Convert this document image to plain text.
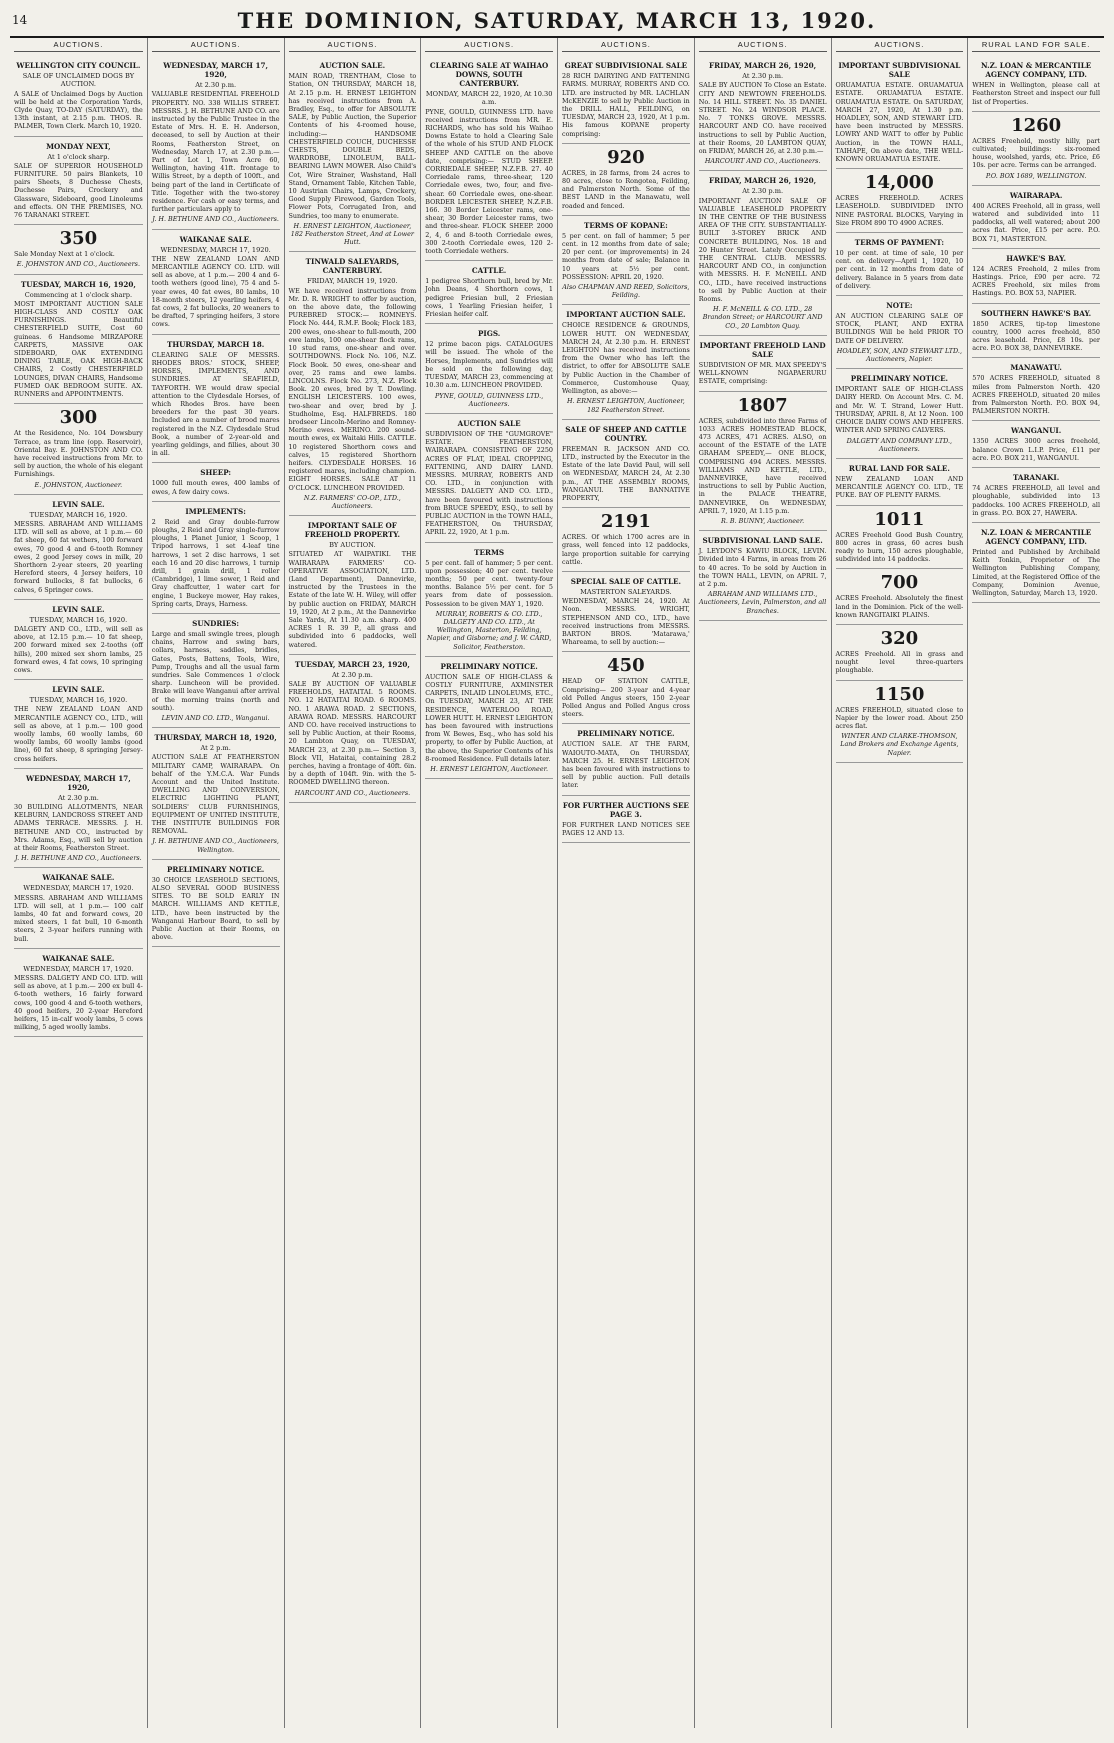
14	THE DOMINION, SATURDAY, MARCH 13, 1920.
AUCTIONS.
WELLINGTON CITY COUNCIL.
SALE OF UNCLAIMED DOGS BY AUCTION.
A SALE of Unclaimed Dogs by Auction will be held at the Corporation Yards, Clyde Quay, TO-DAY (SATURDAY), the 13th instant, at 2.15 p.m. THOS. R. PALMER, Town Clerk. March 10, 1920.
MONDAY NEXT,
At 1 o'clock sharp.
SALE OF SUPERIOR HOUSEHOLD FURNITURE. 50 pairs Blankets, 10 pairs Sheets, 8 Duchesse Chests, Duchesse Pairs, Crockery and Glassware, Sideboard, good Linoleums and effects. ON THE PREMISES, NO. 76 TARANAKI STREET.
350
Sale Monday Next at 1 o'clock.
E. JOHNSTON AND CO., Auctioneers.
TUESDAY, MARCH 16, 1920,
Commencing at 1 o'clock sharp.
MOST IMPORTANT AUCTION SALE HIGH-CLASS AND COSTLY OAK FURNISHINGS. Beautiful CHESTERFIELD SUITE, Cost 60 guineas. 6 Handsome MIRZAPORE CARPETS, MASSIVE OAK SIDEBOARD, OAK EXTENDING DINING TABLE, OAK HIGH-BACK CHAIRS, 2 Costly CHESTERFIELD LOUNGES, DIVAN CHAIRS, Handsome FUMED OAK BEDROOM SUITE. AX. RUNNERS and APPOINTMENTS.
300
At the Residence, No. 104 Dowsbury Terrace, as tram line (opp. Reservoir), Oriental Bay. E. JOHNSTON AND CO. have received instructions from Mr. to sell by auction, the whole of his elegant Furnishings.
E. JOHNSTON, Auctioneer.
LEVIN SALE.
TUESDAY, MARCH 16, 1920.
MESSRS. ABRAHAM AND WILLIAMS LTD. will sell as above, at 1 p.m.— 60 fat sheep, 60 fat wethers, 100 forward ewes, 70 good 4 and 6-tooth Romney ewes, 2 good Jersey cows in milk, 20 Shorthorn 2-year steers, 20 yearling Hereford steers, 4 Jersey heifers, 10 forward bullocks, 8 fat bullocks, 6 calves, 6 Springer cows.
LEVIN SALE.
TUESDAY, MARCH 16, 1920.
DALGETY AND CO., LTD., will sell as above, at 12.15 p.m.— 10 fat sheep, 200 forward mixed sex 2-tooths (off hills), 200 mixed sex shorn lambs, 25 forward ewes, 4 fat cows, 10 springing cows.
LEVIN SALE.
TUESDAY, MARCH 16, 1920.
THE NEW ZEALAND LOAN AND MERCANTILE AGENCY CO., LTD., will sell as above, at 1 p.m.— 100 good woolly lambs, 60 woolly lambs, 60 woolly lambs, 60 woolly lambs (good line), 60 fat sheep, 8 springing Jersey-cross heifers.
WEDNESDAY, MARCH 17, 1920,
At 2.30 p.m.
30 BUILDING ALLOTMENTS, NEAR KELBURN, LANDCROSS STREET AND ADAMS TERRACE. MESSRS. J. H. BETHUNE AND CO., instructed by Mrs. Adams, Esq., will sell by auction at their Rooms, Featherston Street.
J. H. BETHUNE AND CO., Auctioneers.
WAIKANAE SALE.
WEDNESDAY, MARCH 17, 1920.
MESSRS. ABRAHAM AND WILLIAMS LTD. will sell, at 1 p.m.— 100 calf lambs, 40 fat and forward cows, 20 mixed steers, 1 fat bull, 10 6-month steers, 2 3-year heifers running with bull.
WAIKANAE SALE.
WEDNESDAY, MARCH 17, 1920.
MESSRS. DALGETY AND CO. LTD. will sell as above, at 1 p.m.— 200 ex bull 4-6-tooth wethers, 16 fairly forward cows, 100 good 4 and 6-tooth wethers, 40 good heifers, 20 2-year Hereford heifers, 15 in-calf wooly lambs, 5 cows milking, 5 aged woolly lambs.
AUCTIONS.
WEDNESDAY, MARCH 17, 1920,
At 2.30 p.m.
VALUABLE RESIDENTIAL FREEHOLD PROPERTY. NO. 338 WILLIS STREET. MESSRS. J. H. BETHUNE AND CO. are instructed by the Public Trustee in the Estate of Mrs. H. E. H. Anderson, deceased, to sell by Auction at their Rooms, Featherston Street, on Wednesday, March 17, at 2.30 p.m.— Part of Lot 1, Town Acre 60, Wellington, having 41ft. frontage to Willis Street, by a depth of 100ft., and being part of the land in Certificate of Title. Together with the two-storey residence. For cash or easy terms, and further particulars apply to
J. H. BETHUNE AND CO., Auctioneers.
WAIKANAE SALE.
WEDNESDAY, MARCH 17, 1920.
THE NEW ZEALAND LOAN AND MERCANTILE AGENCY CO. LTD. will sell as above, at 1 p.m.— 200 4 and 6-tooth wethers (good line), 75 4 and 5-year ewes, 40 fat ewes, 80 lambs, 10 18-month steers, 12 yearling heifers, 4 fat cows, 2 fat bullocks, 20 weaners to be drafted, 7 springing heifers, 3 store cows.
THURSDAY, MARCH 18.
CLEARING SALE OF MESSRS. RHODES BROS.' STOCK, SHEEP, HORSES, IMPLEMENTS, AND SUNDRIES. AT SEAFIELD, TAYFORTH. WE would draw special attention to the Clydesdale Horses, of which Rhodes Bros. have been breeders for the past 30 years. Included are a number of brood mares registered in the N.Z. Clydesdale Stud Book, a number of 2-year-old and yearling geldings, and fillies, about 30 in all.
SHEEP:
1000 full mouth ewes, 400 lambs of ewes, A few dairy cows.
IMPLEMENTS:
2 Reid and Gray double-furrow ploughs, 2 Reid and Gray single-furrow ploughs, 1 Planet Junior, 1 Scoop, 1 Tripod harrows, 1 set 4-leaf tine harrows, 1 set 2 disc harrows, 1 set each 16 and 20 disc harrows, 1 turnip drill, 1 grain drill, 1 roller (Cambridge), 1 lime sower, 1 Reid and Gray chaffcutter, 1 water cart for engine, 1 Buckeye mower, Hay rakes, Spring carts, Drays, Harness.
SUNDRIES:
Large and small swingle trees, plough chains, Harrow and swing bars, collars, harness, saddles, bridles, Gates, Posts, Battens, Tools, Wire, Pump, Troughs and all the usual farm sundries. Sale Commences 1 o'clock sharp. Luncheon will be provided. Brake will leave Wanganui after arrival of the morning trains (north and south).
LEVIN AND CO. LTD., Wanganui.
THURSDAY, MARCH 18, 1920,
At 2 p.m.
AUCTION SALE AT FEATHERSTON MILITARY CAMP, WAIRARAPA. On behalf of the Y.M.C.A. War Funds Account and the United Institute. DWELLING AND CONVERSION, ELECTRIC LIGHTING PLANT, SOLDIERS' CLUB FURNISHINGS, EQUIPMENT OF UNITED INSTITUTE, THE INSTITUTE BUILDINGS FOR REMOVAL.
J. H. BETHUNE AND CO., Auctioneers, Wellington.
PRELIMINARY NOTICE.
30 CHOICE LEASEHOLD SECTIONS, ALSO SEVERAL GOOD BUSINESS SITES. TO BE SOLD EARLY IN MARCH. WILLIAMS AND KETTLE, LTD., have been instructed by the Wanganui Harbour Board, to sell by Public Auction at their Rooms, on above.
AUCTIONS.
AUCTION SALE.
MAIN ROAD, TRENTHAM, Close to Station, ON THURSDAY, MARCH 18, At 2.15 p.m. H. ERNEST LEIGHTON has received instructions from A. Bradley, Esq., to offer for ABSOLUTE SALE, by Public Auction, the Superior Contents of his 4-roomed house, including:— HANDSOME CHESTERFIELD COUCH, DUCHESSE CHESTS, DOUBLE BEDS, WARDROBE, LINOLEUM, BALL-BEARING LAWN MOWER. Also Child's Cot, Wire Strainer, Washstand, Hall Stand, Ornament Table, Kitchen Table, 10 Austrian Chairs, Lamps, Crockery, Good Supply Firewood, Garden Tools, Flower Pots, Corrugated Iron, and Sundries, too many to enumerate.
H. ERNEST LEIGHTON, Auctioneer, 182 Featherston Street, And at Lower Hutt.
TINWALD SALEYARDS, CANTERBURY.
FRIDAY, MARCH 19, 1920.
WE have received instructions from Mr. D. R. WRIGHT to offer by auction, on the above date, the following PUREBRED STOCK:— ROMNEYS. Flock No. 444, R.M.F. Book; Flock 183, 200 ewes, one-shear to full-mouth, 200 ewe lambs, 100 one-shear flock rams, 10 stud rams, one-shear and over. SOUTHDOWNS. Flock No. 106, N.Z. Flock Book. 50 ewes, one-shear and over, 25 rams and ewe lambs. LINCOLNS. Flock No. 273, N.Z. Flock Book. 20 ewes, bred by T. Dowling. ENGLISH LEICESTERS. 100 ewes, two-shear and over, bred by J. Studholme, Esq. HALFBREDS. 180 brodseer Lincoln-Merino and Romney-Merino ewes. MERINO. 200 sound-mouth ewes, ex Waitaki Hills. CATTLE. 10 registered Shorthorn cows and calves, 15 registered Shorthorn heifers. CLYDESDALE HORSES. 16 registered mares, including champion. EIGHT HORSES. SALE AT 11 O'CLOCK. LUNCHEON PROVIDED.
N.Z. FARMERS' CO-OP., LTD., Auctioneers.
IMPORTANT SALE OF FREEHOLD PROPERTY.
BY AUCTION.
SITUATED AT WAIPATIKI. THE WAIRARAPA FARMERS' CO-OPERATIVE ASSOCIATION, LTD. (Land Department), Dannevirke, instructed by the Trustees in the Estate of the late W. H. Wiley, will offer by public auction on FRIDAY, MARCH 19, 1920, At 2 p.m., At the Dannevirke Sale Yards, At 11.30 a.m. sharp. 400 ACRES 1 R. 39 P., all grass and subdivided into 6 paddocks, well watered.
TUESDAY, MARCH 23, 1920,
At 2.30 p.m.
SALE BY AUCTION OF VALUABLE FREEHOLDS, HATAITAI. 5 ROOMS. NO. 12 HATAITAI ROAD. 6 ROOMS. NO. 1 ARAWA ROAD. 2 SECTIONS, ARAWA ROAD. MESSRS. HARCOURT AND CO. have received instructions to sell by Public Auction, at their Rooms, 20 Lambton Quay, on TUESDAY, MARCH 23, at 2.30 p.m.— Section 3, Block VII, Hataitai, containing 28.2 perches, having a frontage of 40ft. 6in. by a depth of 104ft. 9in. with the 5-ROOMED DWELLING thereon.
HARCOURT AND CO., Auctioneers.
AUCTIONS.
CLEARING SALE AT WAIHAO DOWNS, SOUTH CANTERBURY.
MONDAY, MARCH 22, 1920, At 10.30 a.m.
PYNE, GOULD, GUINNESS LTD. have received instructions from MR. E. RICHARDS, who has sold his Waihao Downs Estate to hold a Clearing Sale of the whole of his STUD AND FLOCK SHEEP AND CATTLE on the above date, comprising:— STUD SHEEP. CORRIEDALE SHEEP, N.Z.F.B. 27. 40 Corriedale rams, three-shear, 120 Corriedale ewes, two, four, and five-shear. 60 Corriedale ewes, one-shear. BORDER LEICESTER SHEEP, N.Z.F.B. 166. 30 Border Leicester rams, one-shear, 30 Border Leicester rams, two and three-shear. FLOCK SHEEP. 2000 2, 4, 6 and 8-tooth Corriedale ewes, 300 2-tooth Corriedale ewes, 120 2-tooth Corriedale wethers.
CATTLE.
1 pedigree Shorthorn bull, bred by Mr. John Deans, 4 Shorthorn cows, 1 pedigree Friesian bull, 2 Friesian cows, 1 Yearling Friesian heifer, 1 Friesian heifer calf.
PIGS.
12 prime bacon pigs. CATALOGUES will be issued. The whole of the Horses, Implements, and Sundries will be sold on the following day, TUESDAY, MARCH 23, commencing at 10.30 a.m. LUNCHEON PROVIDED.
PYNE, GOULD, GUINNESS LTD., Auctioneers.
AUCTION SALE
SUBDIVISION OF THE "GUMGROVE" ESTATE. FEATHERSTON, WAIRARAPA. CONSISTING OF 2250 ACRES OF FLAT, IDEAL CROPPING, FATTENING, AND DAIRY LAND. MESSRS. MURRAY, ROBERTS AND CO. LTD., in conjunction with MESSRS. DALGETY AND CO. LTD., have been favoured with instructions from BRUCE SPEEDY, ESQ., to sell by PUBLIC AUCTION in the TOWN HALL, FEATHERSTON, On THURSDAY, APRIL 22, 1920, At 1 p.m.
TERMS
5 per cent. fall of hammer; 5 per cent. upon possession; 40 per cent. twelve months; 50 per cent. twenty-four months. Balance 5½ per cent. for 5 years from date of possession. Possession to be given MAY 1, 1920.
MURRAY, ROBERTS & CO. LTD., DALGETY AND CO. LTD., At Wellington, Masterton, Feilding, Napier, and Gisborne; and J. W. CARD, Solicitor, Featherston.
PRELIMINARY NOTICE.
AUCTION SALE OF HIGH-CLASS & COSTLY FURNITURE, AXMINSTER CARPETS, INLAID LINOLEUMS, ETC., On TUESDAY, MARCH 23, AT THE RESIDENCE, WATERLOO ROAD, LOWER HUTT. H. ERNEST LEIGHTON has been favoured with instructions from W. Bewes, Esq., who has sold his property, to offer by Public Auction, at the above, the Superior Contents of his 8-roomed Residence. Full details later.
H. ERNEST LEIGHTON, Auctioneer.
AUCTIONS.
GREAT SUBDIVISIONAL SALE
28 RICH DAIRYING AND FATTENING FARMS. MURRAY, ROBERTS AND CO. LTD. are instructed by MR. LACHLAN McKENZIE to sell by Public Auction in the DRILL HALL, FEILDING, on TUESDAY, MARCH 23, 1920, At 1 p.m. His famous KOPANE property comprising:
920
ACRES, in 28 farms, from 24 acres to 80 acres, close to Rongotea, Feilding, and Palmerston North. Some of the BEST LAND in the Manawatu, well roaded and fenced.
TERMS OF KOPANE:
5 per cent. on fall of hammer; 5 per cent. in 12 months from date of sale; 20 per cent. (or improvements) in 24 months from date of sale; Balance in 10 years at 5½ per cent. POSSESSION: APRIL 20, 1920.
Also CHAPMAN AND REED, Solicitors, Feilding.
IMPORTANT AUCTION SALE.
CHOICE RESIDENCE & GROUNDS, LOWER HUTT. ON WEDNESDAY, MARCH 24, At 2.30 p.m. H. ERNEST LEIGHTON has received instructions from the Owner who has left the district, to offer for ABSOLUTE SALE by Public Auction in the Chamber of Commerce, Customhouse Quay, Wellington, as above:—
H. ERNEST LEIGHTON, Auctioneer, 182 Featherston Street.
SALE OF SHEEP AND CATTLE COUNTRY.
FREEMAN R. JACKSON AND CO. LTD., instructed by the Executor in the Estate of the late David Paul, will sell on WEDNESDAY, MARCH 24, At 2.30 p.m., AT THE ASSEMBLY ROOMS, WANGANUI. THE BANNATIVE PROPERTY,
2191
ACRES. Of which 1700 acres are in grass, well fenced into 12 paddocks, large proportion suitable for carrying cattle.
SPECIAL SALE OF CATTLE.
MASTERTON SALEYARDS.
WEDNESDAY, MARCH 24, 1920. At Noon. MESSRS. WRIGHT, STEPHENSON AND CO., LTD., have received instructions from MESSRS. BARTON BROS. 'Matarawa,' Whareama, to sell by auction:—
450
HEAD OF STATION CATTLE, Comprising— 200 3-year and 4-year old Polled Angus steers, 150 2-year Polled Angus and Polled Angus cross steers.
PRELIMINARY NOTICE.
AUCTION SALE. AT THE FARM, WAIOUTO-MATA, On THURSDAY, MARCH 25. H. ERNEST LEIGHTON has been favoured with instructions to sell by public auction. Full details later.
FOR FURTHER AUCTIONS SEE PAGE 3.
FOR FURTHER LAND NOTICES SEE PAGES 12 AND 13.
AUCTIONS.
FRIDAY, MARCH 26, 1920,
At 2.30 p.m.
SALE BY AUCTION To Close an Estate. CITY AND NEWTOWN FREEHOLDS. No. 14 HILL STREET. No. 35 DANIEL STREET. No. 24 WINDSOR PLACE. No. 7 TONKS GROVE. MESSRS. HARCOURT AND CO. have received instructions to sell by Public Auction, at their Rooms, 20 LAMBTON QUAY, on FRIDAY, MARCH 26, at 2.30 p.m.—
HARCOURT AND CO., Auctioneers.
FRIDAY, MARCH 26, 1920,
At 2.30 p.m.
IMPORTANT AUCTION SALE OF VALUABLE LEASEHOLD PROPERTY IN THE CENTRE OF THE BUSINESS AREA OF THE CITY. SUBSTANTIALLY-BUILT 3-STOREY BRICK AND CONCRETE BUILDING, Nos. 18 and 20 Hunter Street. Lately Occupied by THE CENTRAL CLUB. MESSRS. HARCOURT AND CO., in conjunction with MESSRS. H. F. McNEILL AND CO., LTD., have received instructions to sell by Public Auction at their Rooms.
H. F. McNEILL & CO. LTD., 28 Brandon Street; or HARCOURT AND CO., 20 Lambton Quay.
IMPORTANT FREEHOLD LAND SALE
SUBDIVISION OF MR. MAX SPEEDY'S WELL-KNOWN NGAPAERURU ESTATE, comprising:
1807
ACRES, subdivided into three Farms of 1033 ACRES HOMESTEAD BLOCK, 473 ACRES, 471 ACRES. ALSO, on account of the ESTATE of the LATE GRAHAM SPEEDY,— ONE BLOCK, COMPRISING 494 ACRES. MESSRS. WILLIAMS AND KETTLE, LTD., DANNEVIRKE, have received instructions to sell by Public Auction, in the PALACE THEATRE, DANNEVIRKE, On WEDNESDAY, APRIL 7, 1920, At 1.15 p.m.
R. B. BUNNY, Auctioneer.
SUBDIVISIONAL LAND SALE.
J. LEYDON'S KAWIU BLOCK, LEVIN. Divided into 4 Farms, in areas from 26 to 40 acres. To be sold by Auction in the TOWN HALL, LEVIN, on APRIL 7, at 2 p.m.
ABRAHAM AND WILLIAMS LTD., Auctioneers, Levin, Palmerston, and all Branches.
AUCTIONS.
IMPORTANT SUBDIVISIONAL SALE
ORUAMATUA ESTATE. ORUAMATUA ESTATE. ORUAMATUA ESTATE. ORUAMATUA ESTATE. On SATURDAY, MARCH 27, 1920, At 1.30 p.m. HOADLEY, SON, AND STEWART LTD. have been instructed by MESSRS. LOWRY AND WATT to offer by Public Auction, in the TOWN HALL, TAIHAPE, On above date, THE WELL-KNOWN ORUAMATUA ESTATE.
14,000
ACRES FREEHOLD. ACRES LEASEHOLD. SUBDIVIDED INTO NINE PASTORAL BLOCKS, Varying in Size FROM 890 TO 4900 ACRES.
TERMS OF PAYMENT:
10 per cent. at time of sale, 10 per cent. on delivery—April 1, 1920, 10 per cent. in 12 months from date of delivery. Balance in 5 years from date of delivery.
NOTE:
AN AUCTION CLEARING SALE OF STOCK, PLANT, AND EXTRA BUILDINGS Will be held PRIOR TO DATE OF DELIVERY.
HOADLEY, SON, AND STEWART LTD., Auctioneers, Napier.
PRELIMINARY NOTICE.
IMPORTANT SALE OF HIGH-CLASS DAIRY HERD. On Account Mrs. C. M. and Mr. W. T. Strand, Lower Hutt. THURSDAY, APRIL 8, At 12 Noon. 100 CHOICE DAIRY COWS AND HEIFERS. WINTER AND SPRING CALVERS.
DALGETY AND COMPANY LTD., Auctioneers.
RURAL LAND FOR SALE.
NEW ZEALAND LOAN AND MERCANTILE AGENCY CO. LTD., TE PUKE. BAY OF PLENTY FARMS.
1011
ACRES Freehold Good Bush Country, 800 acres in grass, 60 acres bush ready to burn, 150 acres ploughable, subdivided into 14 paddocks.
700
ACRES Freehold. Absolutely the finest land in the Dominion. Pick of the well-known RANGITAIKI PLAINS.
320
ACRES Freehold. All in grass and nought level three-quarters ploughable.
1150
ACRES FREEHOLD, situated close to Napier by the lower road. About 250 acres flat.
WINTER AND CLARKE-THOMSON, Land Brokers and Exchange Agents, Napier.
RURAL LAND FOR SALE.
N.Z. LOAN & MERCANTILE AGENCY COMPANY, LTD.
WHEN in Wellington, please call at Featherston Street and inspect our full list of Properties.
1260
ACRES Freehold, mostly hilly, part cultivated; buildings: six-roomed house, woolshed, yards, etc. Price, £6 10s. per acre. Terms can be arranged.
P.O. BOX 1689, WELLINGTON.
WAIRARAPA.
400 ACRES Freehold, all in grass, well watered and subdivided into 11 paddocks, all well watered; about 200 acres flat. Price, £15 per acre. P.O. BOX 71, MASTERTON.
HAWKE'S BAY.
124 ACRES Freehold, 2 miles from Hastings. Price, £90 per acre. 72 ACRES Freehold, six miles from Hastings. P.O. BOX 53, NAPIER.
SOUTHERN HAWKE'S BAY.
1850 ACRES, tip-top limestone country, 1000 acres freehold, 850 acres leasehold. Price, £8 10s. per acre. P.O. BOX 38, DANNEVIRKE.
MANAWATU.
570 ACRES FREEHOLD, situated 8 miles from Palmerston North. 420 ACRES FREEHOLD, situated 20 miles from Palmerston North. P.O. BOX 94, PALMERSTON NORTH.
WANGANUI.
1350 ACRES 3000 acres freehold, balance Crown L.I.P. Price, £11 per acre. P.O. BOX 211, WANGANUI.
TARANAKI.
74 ACRES FREEHOLD, all level and ploughable, subdivided into 13 paddocks. 100 ACRES FREEHOLD, all in grass. P.O. BOX 27, HAWERA.
N.Z. LOAN & MERCANTILE AGENCY COMPANY, LTD.
Printed and Published by Archibald Keith Tonkin, Proprietor of The Wellington Publishing Company, Limited, at the Registered Office of the Company, Dominion Avenue, Wellington, Saturday, March 13, 1920.
